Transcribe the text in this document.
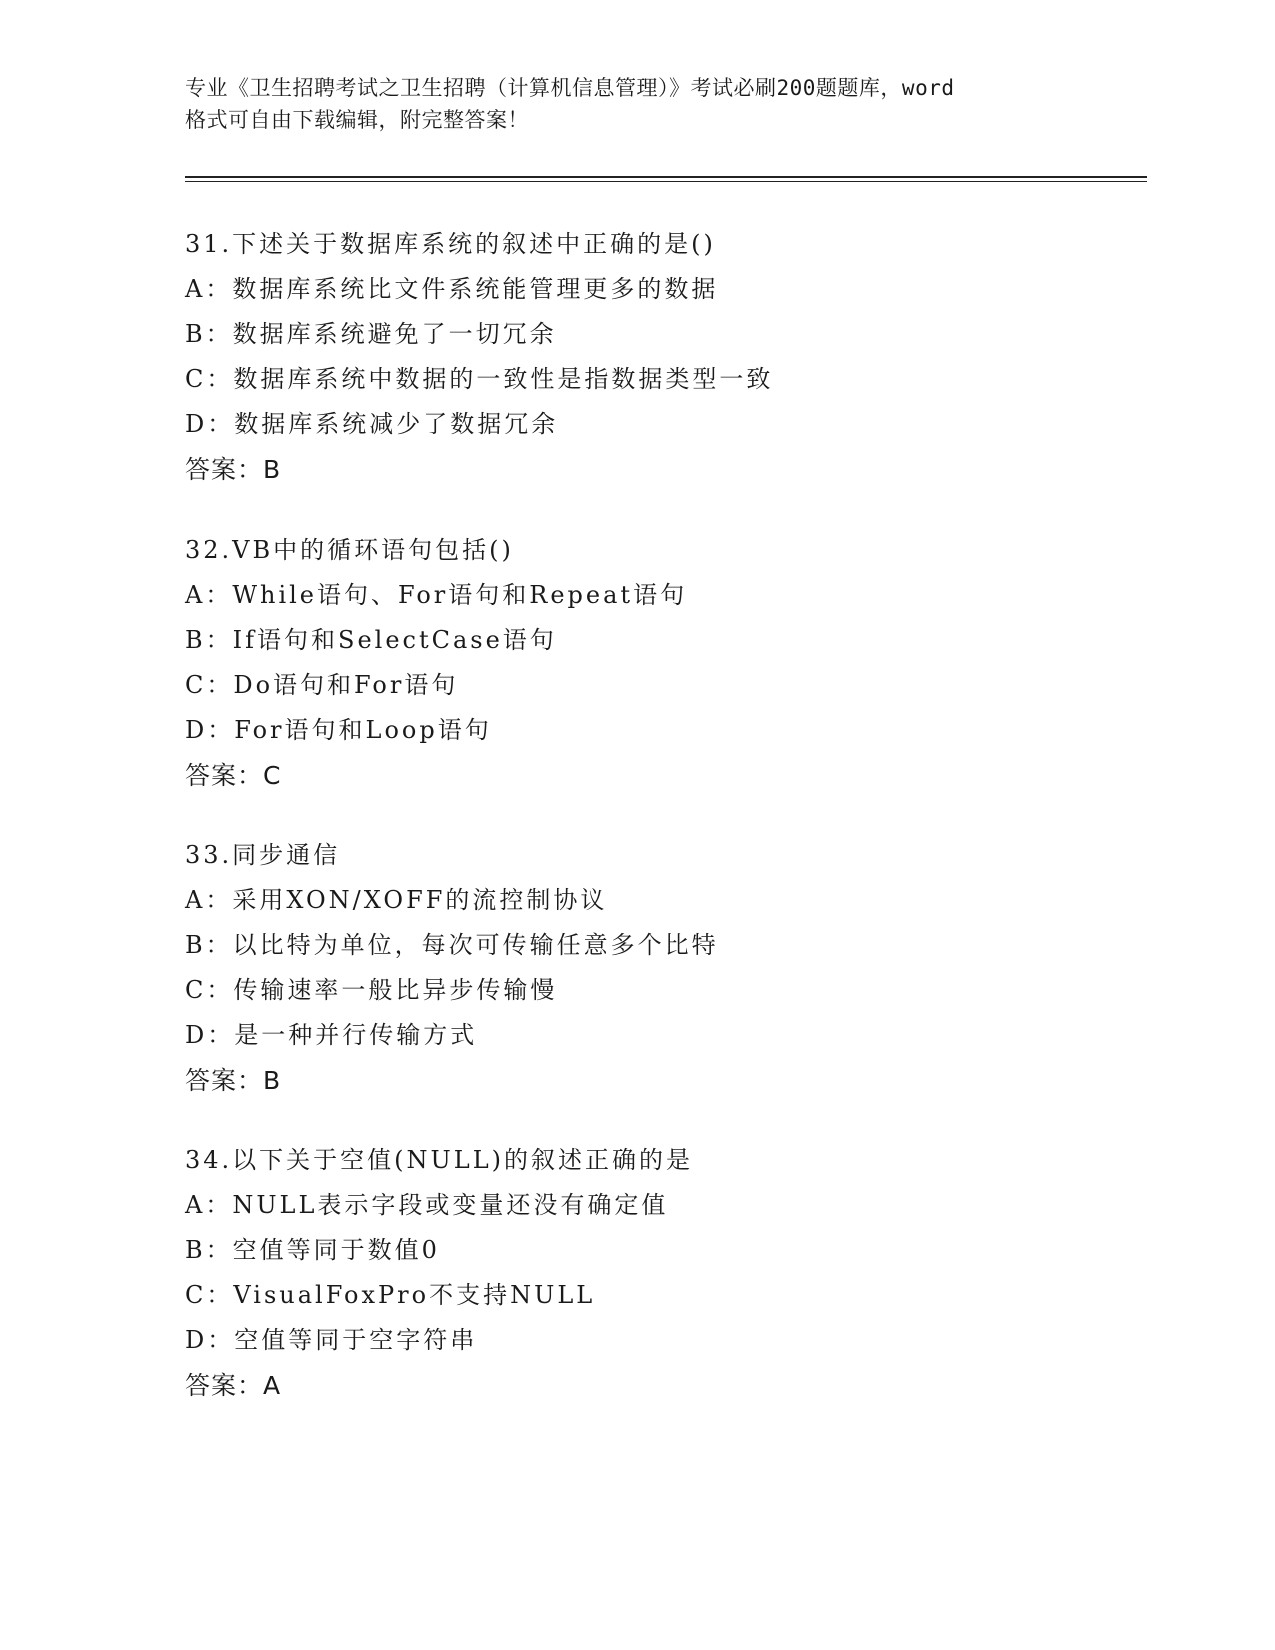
专业《卫生招聘考试之卫生招聘（计算机信息管理）》考试必刷200题题库，word
格式可自由下载编辑，附完整答案！
31.下述关于数据库系统的叙述中正确的是()
A：数据库系统比文件系统能管理更多的数据
B：数据库系统避免了一切冗余
C：数据库系统中数据的一致性是指数据类型一致
D：数据库系统减少了数据冗余
答案：B
32.VB中的循环语句包括()
A：While语句、For语句和Repeat语句
B：If语句和SelectCase语句
C：Do语句和For语句
D：For语句和Loop语句
答案：C
33.同步通信
A：采用XON/XOFF的流控制协议
B：以比特为单位，每次可传输任意多个比特
C：传输速率一般比异步传输慢
D：是一种并行传输方式
答案：B
34.以下关于空值(NULL)的叙述正确的是
A：NULL表示字段或变量还没有确定值
B：空值等同于数值0
C：VisualFoxPro不支持NULL
D：空值等同于空字符串
答案：A
